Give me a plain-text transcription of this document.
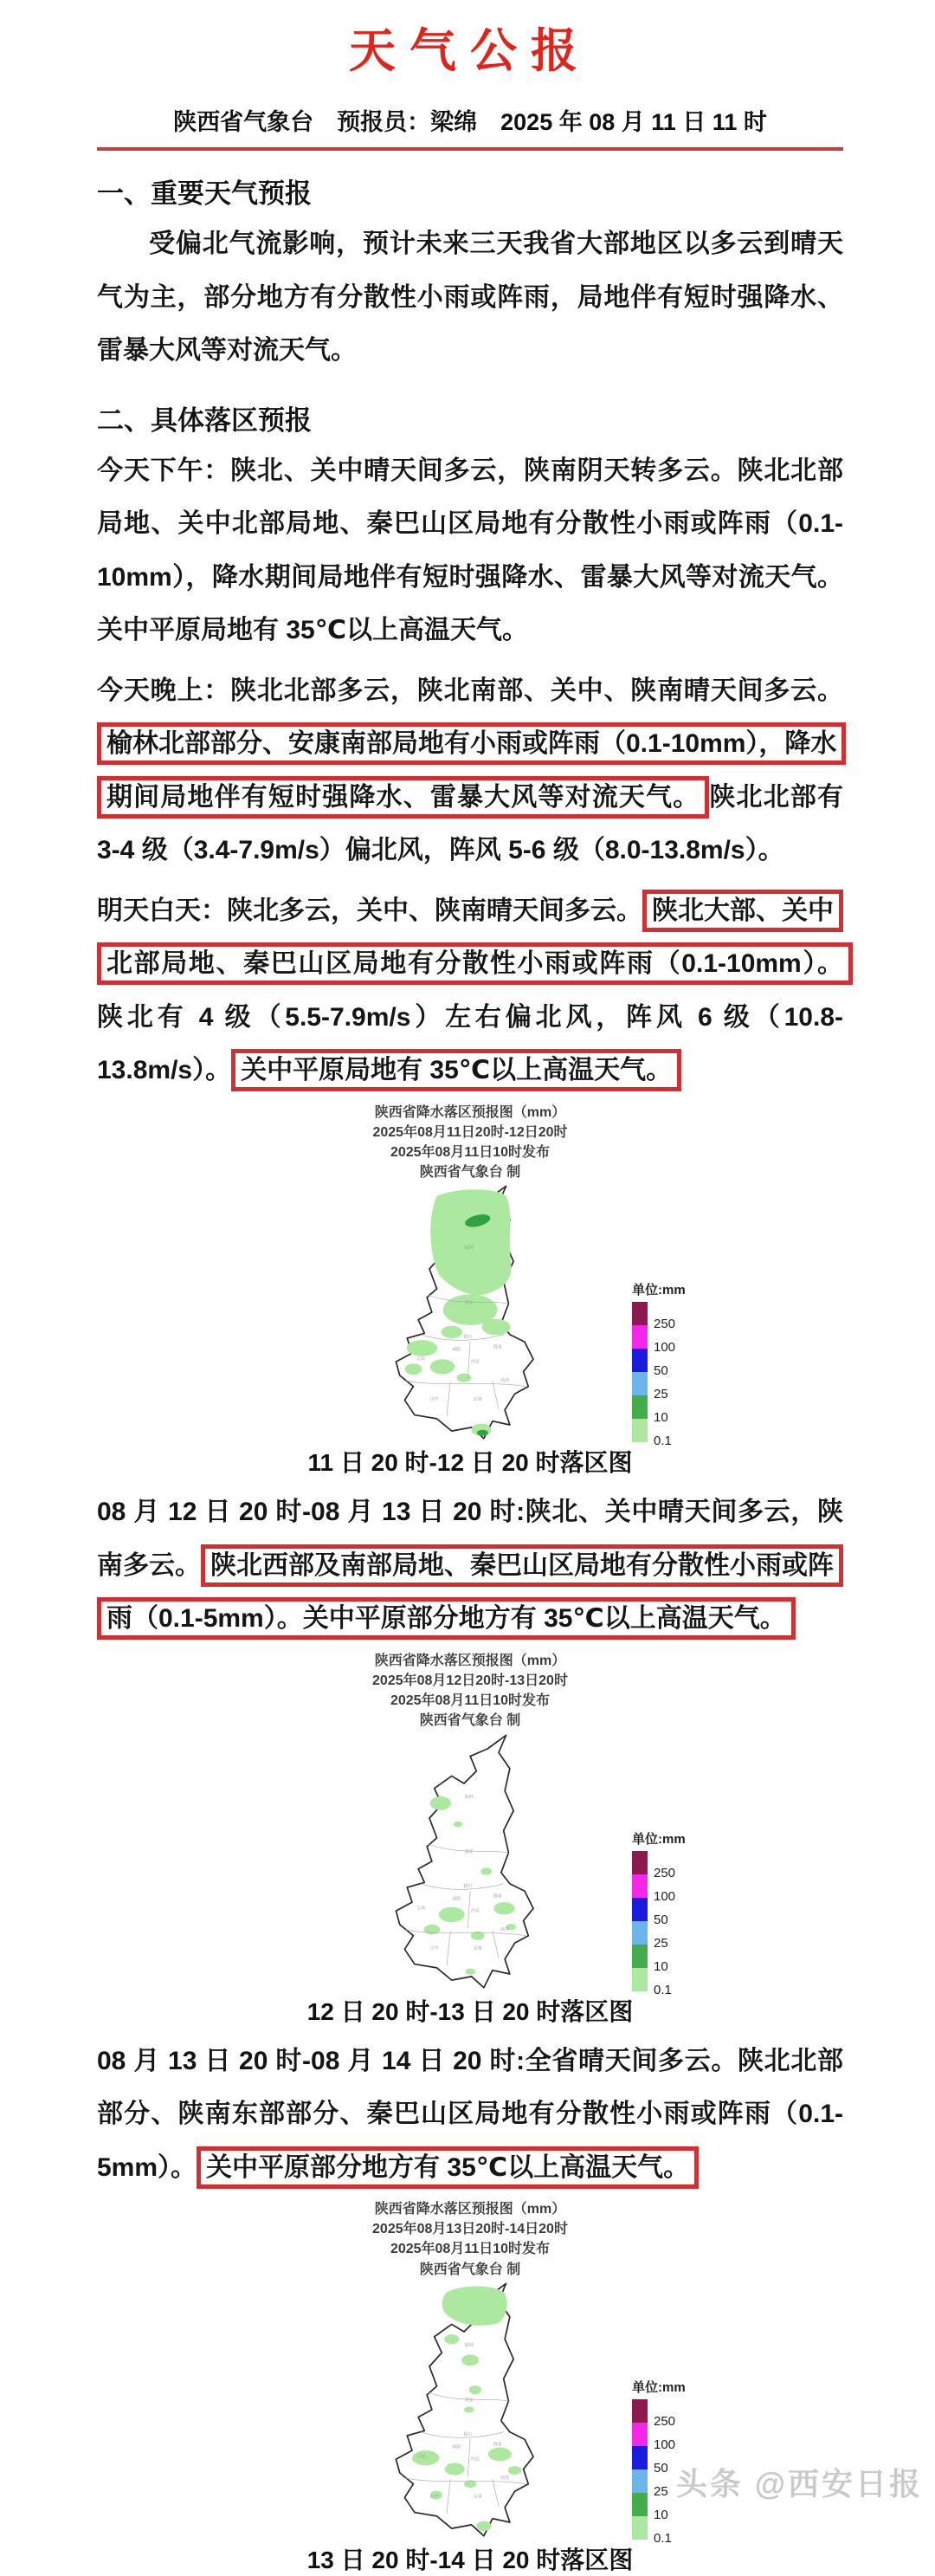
天气公报
陕西省气象台　预报员：梁绵　2025 年 08 月 11 日 11 时
一、重要天气预报
受偏北气流影响，预计未来三天我省大部地区以多云到晴天气为主，部分地方有分散性小雨或阵雨，局地伴有短时强降水、雷暴大风等对流天气。
二、具体落区预报
今天下午：陕北、关中晴天间多云，陕南阴天转多云。陕北北部局地、关中北部局地、秦巴山区局地有分散性小雨或阵雨（0.1-10mm），降水期间局地伴有短时强降水、雷暴大风等对流天气。关中平原局地有 35℃以上高温天气。
今天晚上：陕北北部多云，陕北南部、关中、陕南晴天间多云。榆林北部部分、安康南部局地有小雨或阵雨（0.1-10mm），降水期间局地伴有短时强降水、雷暴大风等对流天气。 陕北北部有 3-4 级（3.4-7.9m/s）偏北风，阵风 5-6 级（8.0-13.8m/s）。
明天白天：陕北多云，关中、陕南晴天间多云。 陕北大部、关中北部局地、秦巴山区局地有分散性小雨或阵雨（0.1-10mm）。陕北有 4 级（5.5-7.9m/s）左右偏北风，阵风 6 级（10.8-13.8m/s）。 关中平原局地有 35℃以上高温天气。
陕西省降水落区预报图（mm）
2025年08月11日20时-12日20时
2025年08月11日10时发布
陕西省气象台 制
榆林
延安
铜川
渭南
咸阳
西安
宝鸡
汉中	安康
商洛
单位:mm
250
100
50
25
10
0.1
11 日 20 时-12 日 20 时落区图
08 月 12 日 20 时-08 月 13 日 20 时:陕北、关中晴天间多云，陕南多云。 陕北西部及南部局地、秦巴山区局地有分散性小雨或阵雨（0.1-5mm）。关中平原部分地方有 35℃以上高温天气。
陕西省降水落区预报图（mm）
2025年08月12日20时-13日20时
2025年08月11日10时发布
陕西省气象台 制
榆林
延安
铜川
渭南
咸阳
西安
宝鸡
汉中	安康
商洛
单位:mm
250
100
50
25
10
0.1
12 日 20 时-13 日 20 时落区图
08 月 13 日 20 时-08 月 14 日 20 时:全省晴天间多云。陕北北部部分、陕南东部部分、秦巴山区局地有分散性小雨或阵雨（0.1-5mm）。 关中平原部分地方有 35℃以上高温天气。
陕西省降水落区预报图（mm）
2025年08月13日20时-14日20时
2025年08月11日10时发布
陕西省气象台 制
榆林
延安
铜川
渭南
咸阳
西安
宝鸡
汉中	安康
商洛
单位:mm
250
100
50
25
10
0.1
13 日 20 时-14 日 20 时落区图
头条 @西安日报
